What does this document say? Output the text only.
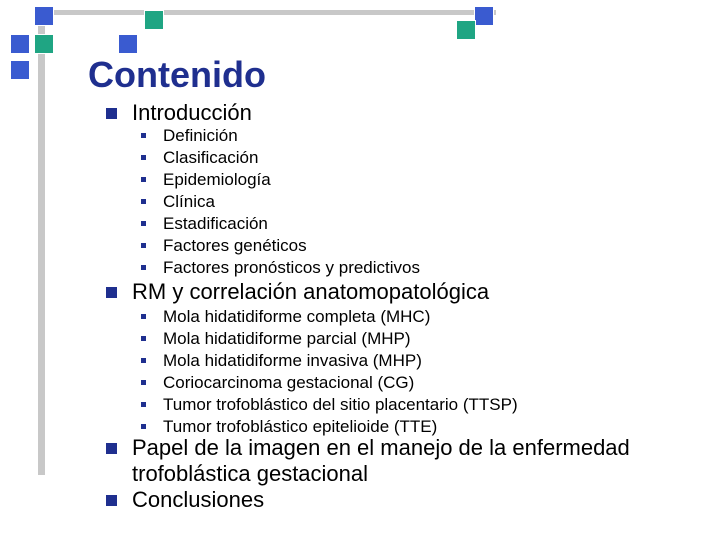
Contenido
Introducción
Definición
Clasificación
Epidemiología
Clínica
Estadificación
Factores genéticos
Factores pronósticos y predictivos
RM y correlación anatomopatológica
Mola hidatidiforme completa (MHC)
Mola hidatidiforme parcial (MHP)
Mola hidatidiforme invasiva (MHP)
Coriocarcinoma gestacional (CG)
Tumor trofoblástico del sitio placentario (TTSP)
Tumor trofoblástico epitelioide (TTE)
Papel de la imagen en el manejo de la enfermedad
trofoblástica gestacional
Conclusiones
